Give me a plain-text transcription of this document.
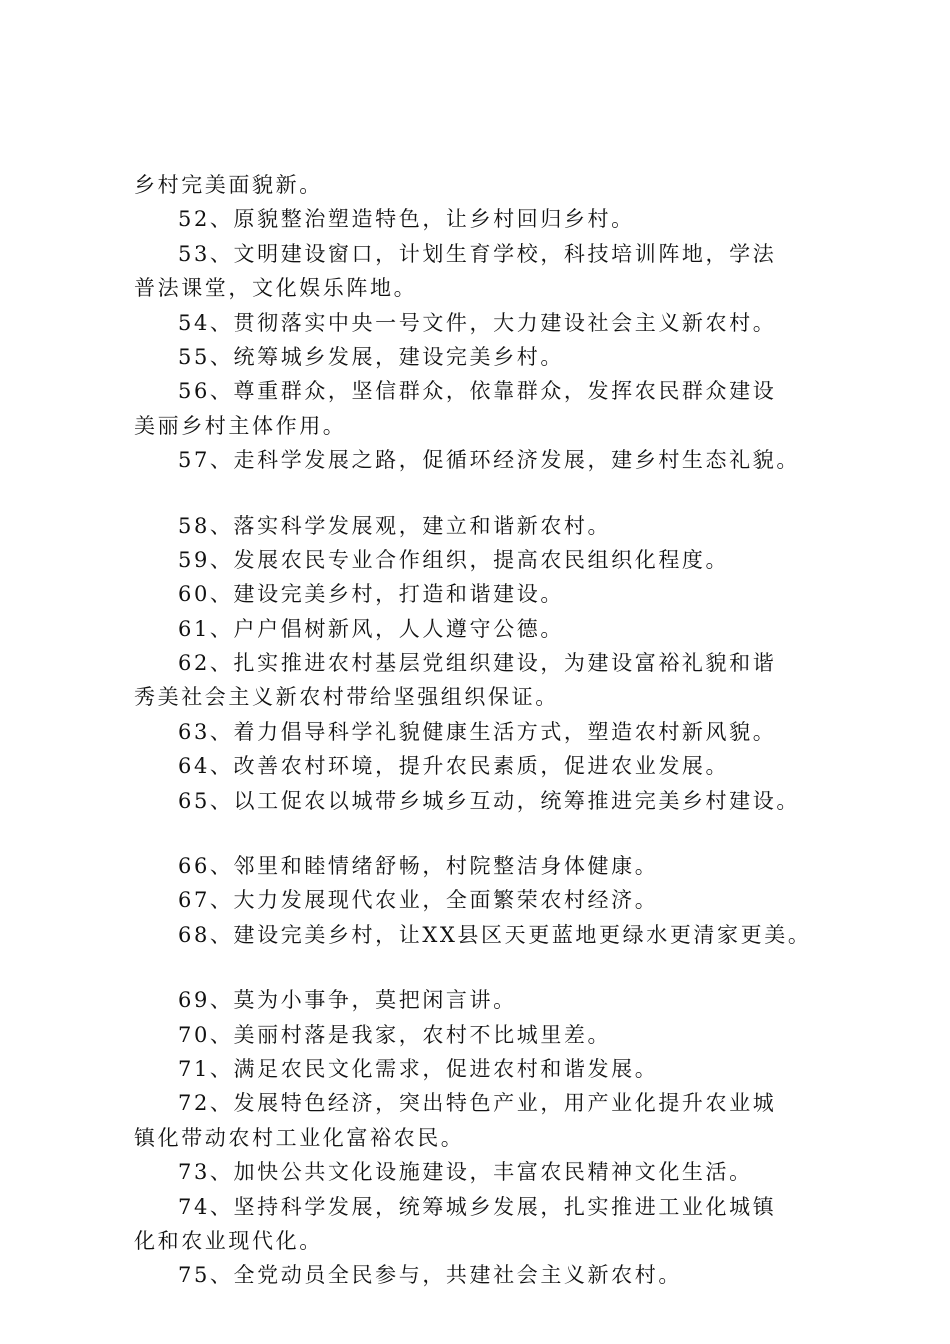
乡村完美面貌新。
52、原貌整治塑造特色，让乡村回归乡村。
53、文明建设窗口，计划生育学校，科技培训阵地，学法
普法课堂，文化娱乐阵地。
54、贯彻落实中央一号文件，大力建设社会主义新农村。
55、统筹城乡发展，建设完美乡村。
56、尊重群众，坚信群众，依靠群众，发挥农民群众建设
美丽乡村主体作用。
57、走科学发展之路，促循环经济发展，建乡村生态礼貌。
58、落实科学发展观，建立和谐新农村。
59、发展农民专业合作组织，提高农民组织化程度。
60、建设完美乡村，打造和谐建设。
61、户户倡树新风，人人遵守公德。
62、扎实推进农村基层党组织建设，为建设富裕礼貌和谐
秀美社会主义新农村带给坚强组织保证。
63、着力倡导科学礼貌健康生活方式，塑造农村新风貌。
64、改善农村环境，提升农民素质，促进农业发展。
65、以工促农以城带乡城乡互动，统筹推进完美乡村建设。
66、邻里和睦情绪舒畅，村院整洁身体健康。
67、大力发展现代农业，全面繁荣农村经济。
68、建设完美乡村，让XX县区天更蓝地更绿水更清家更美。
69、莫为小事争，莫把闲言讲。
70、美丽村落是我家，农村不比城里差。
71、满足农民文化需求，促进农村和谐发展。
72、发展特色经济，突出特色产业，用产业化提升农业城
镇化带动农村工业化富裕农民。
73、加快公共文化设施建设，丰富农民精神文化生活。
74、坚持科学发展，统筹城乡发展，扎实推进工业化城镇
化和农业现代化。
75、全党动员全民参与，共建社会主义新农村。
